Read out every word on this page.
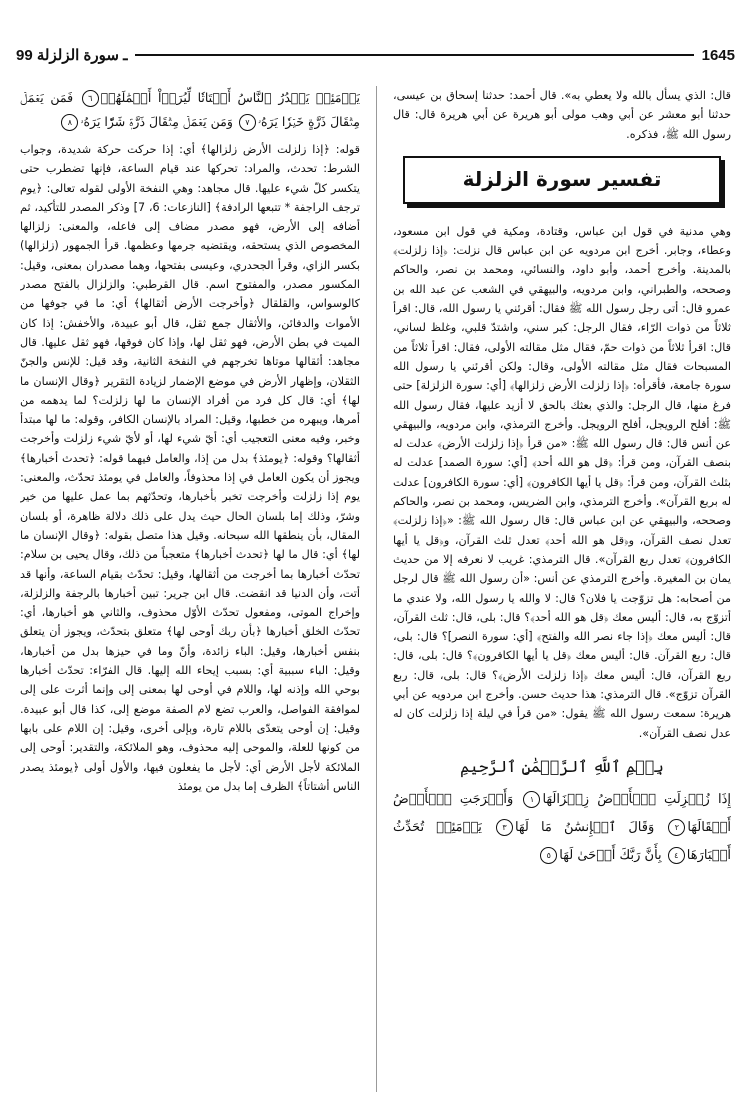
99 ـ سورة الزلزلة	1645

قال: الذي يسأل بالله ولا يعطي به». قال أحمد: حدثنا إسحاق بن عيسى، حدثنا أبو معشر عن أبي وهب مولى أبو هريرة عن أبي هريرة قال: قال رسول الله ﷺ، فذكره.

تفسير سورة الزلزلة

وهي مدنية في قول ابن عباس، وقتادة، ومكية في قول ابن مسعود، وعطاء، وجابر. أخرج ابن مردويه عن ابن عباس قال نزلت: ﴿إذا زلزلت﴾ بالمدينة. وأخرج أحمد، وأبو داود، والنسائي، ومحمد بن نصر، والحاكم وصححه، والطبراني، وابن مردويه، والبيهقي في الشعب عن عبد الله بن عمرو قال: أتى رجل رسول الله ﷺ فقال: أقرئني يا رسول الله، قال: اقرأ ثلاثاً من ذوات الرّاء، فقال الرجل: كبر سني، واشتدّ قلبي، وغلظ لساني، قال: اقرأ ثلاثاً من ذوات حمّ، فقال مثل مقالته الأولى، فقال: اقرأ ثلاثاً من المسبحات فقال مثل مقالته الأولى، وقال: ولكن أقرئني يا رسول الله سورة جامعة، فأقرأه: ﴿إذا زلزلت الأرض زلزالها﴾ [أي: سورة الزلزلة] حتى فرغ منها، قال الرجل: والذي بعثك بالحق لا أزيد عليها، فقال رسول الله ﷺ: أفلح الرويجل، أفلح الرويجل. وأخرج الترمذي، وابن مردويه، والبيهقي عن أنس قال: قال رسول الله ﷺ: «من قرأ ﴿إذا زلزلت الأرض﴾ عدلت له بنصف القرآن، ومن قرأ: ﴿قل هو الله أحد﴾ [أي: سورة الصمد] عدلت له بثلث القرآن، ومن قرأ: ﴿قل يا أيها الكافرون﴾ [أي: سورة الكافرون] عدلت له بربع القرآن». وأخرج الترمذي، وابن الضريس، ومحمد بن نصر، والحاكم وصححه، والبيهقي عن ابن عباس قال: قال رسول الله ﷺ: «﴿إذا زلزلت﴾ تعدل نصف القرآن، و﴿قل هو الله أحد﴾ تعدل ثلث القرآن، و﴿قل يا أيها الكافرون﴾ تعدل ربع القرآن». قال الترمذي: غريب لا نعرفه إلا من حديث يمان بن المغيرة. وأخرج الترمذي عن أنس: «أن رسول الله ﷺ قال لرجل من أصحابه: هل تزوّجت يا فلان؟ قال: لا والله يا رسول الله، ولا عندي ما أتزوّج به، قال: أليس معك ﴿قل هو الله أحد﴾؟ قال: بلى، قال: ثلث القرآن، قال: أليس معك ﴿إذا جاء نصر الله والفتح﴾ [أي: سورة النصر]؟ قال: بلى، قال: ربع القرآن. قال: أليس معك ﴿قل يا أيها الكافرون﴾؟ قال: بلى، قال: ربع القرآن، قال: أليس معك ﴿إذا زلزلت الأرض﴾؟ قال: بلى، قال: ربع القرآن تزوّج». قال الترمذي: هذا حديث حسن. وأخرج ابن مردويه عن أبي هريرة: سمعت رسول الله ﷺ يقول: «من قرأ في ليلة إذا زلزلت كان له عدل نصف القرآن».

بِسۡمِ ٱللَّهِ ٱلرَّحۡمَٰنِ ٱلرَّحِيمِ
إِذَا زُلۡزِلَتِ ٱلۡأَرۡضُ زِلۡزَالَهَا١ وَأَخۡرَجَتِ ٱلۡأَرۡضُ أَثۡقَالَهَا٢ وَقَالَ ٱلۡإِنسَٰنُ مَا لَهَا٣ يَوۡمَئِذٖ تُحَدِّثُ أَخۡبَارَهَا٤ بِأَنَّ رَبَّكَ أَوۡحَىٰ لَهَا٥
يَوۡمَئِذٖ يَصۡدُرُ ٱلنَّاسُ أَشۡتَاتٗا لِّيُرَوۡاْ أَعۡمَٰلَهُمۡ٦ فَمَن يَعۡمَلۡ مِثۡقَالَ ذَرَّةٍ خَيۡرٗا يَرَهُۥ٧ وَمَن يَعۡمَلۡ مِثۡقَالَ ذَرَّةٖ شَرّٗا يَرَهُۥ٨

قوله: ﴿إذا زلزلت الأرض زلزالها﴾ أي: إذا حركت حركة شديدة، وجواب الشرط: تحدث، والمراد: تحركها عند قيام الساعة، فإنها تضطرب حتى يتكسر كلّ شيء عليها. قال مجاهد: وهي النفخة الأولى لقوله تعالى: ﴿يوم ترجف الراجفة * تتبعها الرادفة﴾ [النازعات: 6، 7] وذكر المصدر للتأكيد، ثم أضافه إلى الأرض، فهو مصدر مضاف إلى فاعله، والمعنى: زلزالها المخصوص الذي يستحقه، ويقتضيه جرمها وعظمها. قرأ الجمهور (زلزالها) بكسر الزاي، وقرأ الجحدري، وعيسى بفتحها، وهما مصدران بمعنى، وقيل: المكسور مصدر، والمفتوح اسم. قال القرطبي: والزلزال بالفتح مصدر كالوسواس، والقلقال ﴿وأخرجت الأرض أثقالها﴾ أي: ما في جوفها من الأموات والدفائن، والأثقال جمع ثقل، قال أبو عبيدة، والأخفش: إذا كان الميت في بطن الأرض، فهو ثقل لها، وإذا كان فوقها، فهو ثقل عليها. قال مجاهد: أثقالها موتاها تخرجهم في النفخة الثانية، وقد قيل: للإنس والجنّ الثقلان، وإظهار الأرض في موضع الإضمار لزيادة التقرير ﴿وقال الإنسان ما لها﴾ أي: قال كل فرد من أفراد الإنسان ما لها زلزلت؟ لما يدهمه من أمرها، ويبهره من خطبها، وقيل: المراد بالإنسان الكافر، وقوله: ما لها مبتدأ وخبر، وفيه معنى التعجيب أي: أيّ شيء لها، أو لأيّ شيء زلزلت وأخرجت أثقالها؟ وقوله: ﴿يومئذ﴾ بدل من إذا، والعامل فيهما قوله: ﴿تحدث أخبارها﴾ ويجوز أن يكون العامل في إذا محذوفاً، والعامل في يومئذ تحدّث، والمعنى: يوم إذا زلزلت وأخرجت تخبر بأخبارها، وتحدّثهم بما عمل عليها من خير وشرّ، وذلك إما بلسان الحال حيث يدل على ذلك دلالة ظاهرة، أو بلسان المقال، بأن ينطقها الله سبحانه. وقيل هذا متصل بقوله: ﴿وقال الإنسان ما لها﴾ أي: قال ما لها ﴿تحدث أخبارها﴾ متعجباً من ذلك، وقال يحيى بن سلام: تحدّث أخبارها بما أخرجت من أثقالها، وقيل: تحدّث بقيام الساعة، وأنها قد أتت، وأن الدنيا قد انقضت. قال ابن جرير: تبين أخبارها بالرجفة والزلزلة، وإخراج الموتى، ومفعول تحدّث الأوّل محذوف، والثاني هو أخبارها، أي: تحدّث الخلق أخبارها ﴿بأن ربك أوحى لها﴾ متعلق بتحدّث، ويجوز أن يتعلق بنفس أخبارها، وقيل: الباء زائدة، وأنّ وما في حيزها بدل من أخبارها، وقيل: الباء سببية أي: بسبب إيحاء الله إليها. قال الفرّاء: تحدّث أخبارها بوحي الله وإذنه لها، واللام في أوحى لها بمعنى إلى وإنما أثرت على إلى لموافقة الفواصل، والعرب تضع لام الصفة موضع إلى، كذا قال أبو عبيدة. وقيل: إن أوحى يتعدّى باللام تارة، وبإلى أخرى، وقيل: إن اللام على بابها من كونها للعلة، والموحى إليه محذوف، وهو الملائكة، والتقدير: أوحى إلى الملائكة لأجل الأرض أي: لأجل ما يفعلون فيها، والأول أولى ﴿يومئذ يصدر الناس أشتاتاً﴾ الظرف إما بدل من يومئذ
